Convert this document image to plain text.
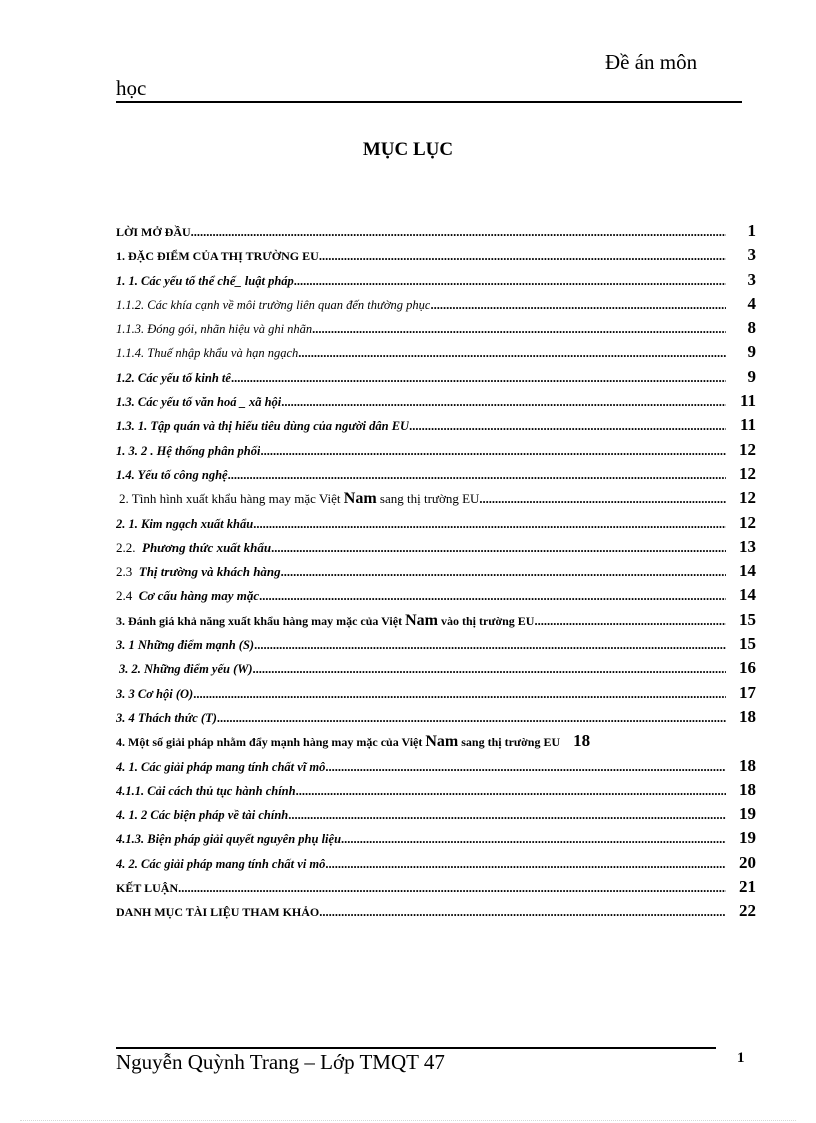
Đề án môn
học
MỤC LỤC
LỜI MỞ ĐẦU .....	1
1. ĐẶC ĐIỂM CỦA THỊ TRƯỜNG EU .....	3
1. 1. Các yếu tố thể chế_ luật pháp .....	3
1.1.2. Các khía cạnh về môi trường liên quan đến thường phục .....	4
1.1.3. Đóng gói, nhãn hiệu và ghi nhãn .....	8
1.1.4. Thuế nhập khẩu và hạn ngạch .....	9
1.2. Các yếu tố kinh tế .....	9
1.3. Các yếu tố văn hoá _ xã hội .....	11
1.3. 1. Tập quán và thị hiếu tiêu dùng của người dân EU .....	11
1. 3. 2 . Hệ thống phân phối .....	12
1.4. Yếu tố công nghệ .....	12
2. Tình hình xuất khẩu hàng may mặc Việt Nam sang thị trường EU .....	12
2. 1. Kim ngạch xuất khẩu .....	12
2.2. Phương thức xuất khẩu .....	13
2.3 Thị trường và khách hàng .....	14
2.4 Cơ cấu hàng may mặc .....	14
3. Đánh giá khả năng xuất khẩu hàng may mặc của Việt Nam vào thị trường EU .....	15
3. 1 Những điểm mạnh (S) .....	15
3. 2. Những điểm yếu (W) .....	16
3. 3 Cơ hội (O) .....	17
3. 4 Thách thức (T) .....	18
4. Một số giải pháp nhằm đẩy mạnh hàng may mặc của Việt Nam sang thị trường EU 18
4. 1. Các giải pháp mang tính chất vĩ mô .....	18
4.1.1. Cải cách thủ tục hành chính .....	18
4. 1. 2 Các biện pháp về tài chính .....	19
4.1.3. Biện pháp giải quyết nguyên phụ liệu .....	19
4. 2. Các giải pháp mang tính chất vi mô .....	20
KẾT LUẬN .....	21
DANH MỤC TÀI LIỆU THAM KHẢO .....	22
Nguyễn Quỳnh Trang – Lớp TMQT 47	1
